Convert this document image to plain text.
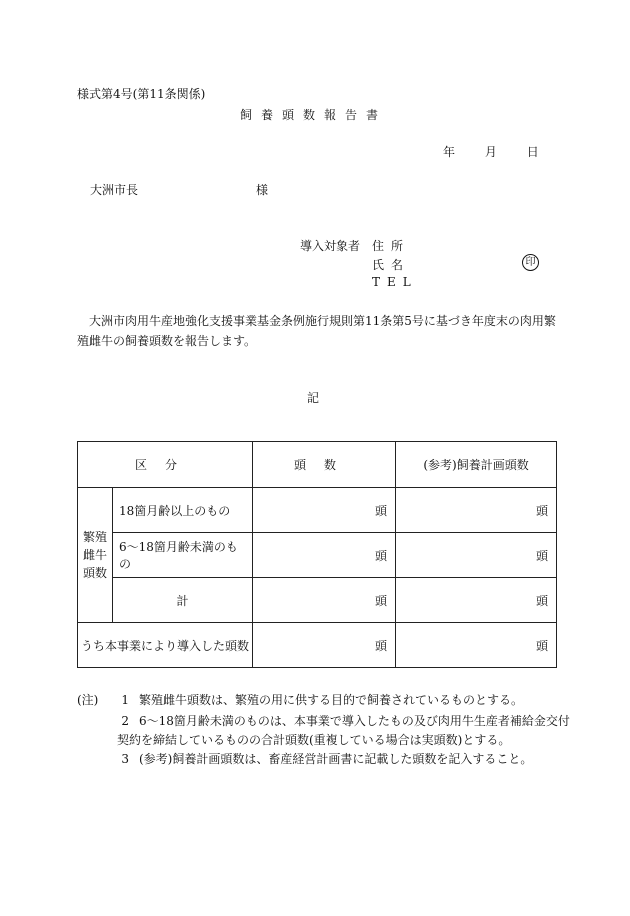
様式第4号(第11条関係)
飼養頭数報告書
年 月 日
大洲市長	様
導入対象者 住所
氏名	印
TEL
大洲市肉用牛産地強化支援事業基金条例施行規則第11条第5号に基づき年度末の肉用繁殖雌牛の飼養頭数を報告します。
記
区分		頭数	(参考)飼養計画頭数

繁殖
雌牛
頭数	18箇月齢以上のもの	頭	頭
	6～18箇月齢未満のもの	頭	頭
	計	頭	頭
うち本事業により導入した頭数		頭	頭
(注) 1 繁殖雌牛頭数は、繁殖の用に供する目的で飼養されているものとする。
2 6～18箇月齢未満のものは、本事業で導入したもの及び肉用牛生産者補給金交付
契約を締結しているものの合計頭数(重複している場合は実頭数)とする。
3 (参考)飼養計画頭数は、畜産経営計画書に記載した頭数を記入すること。
